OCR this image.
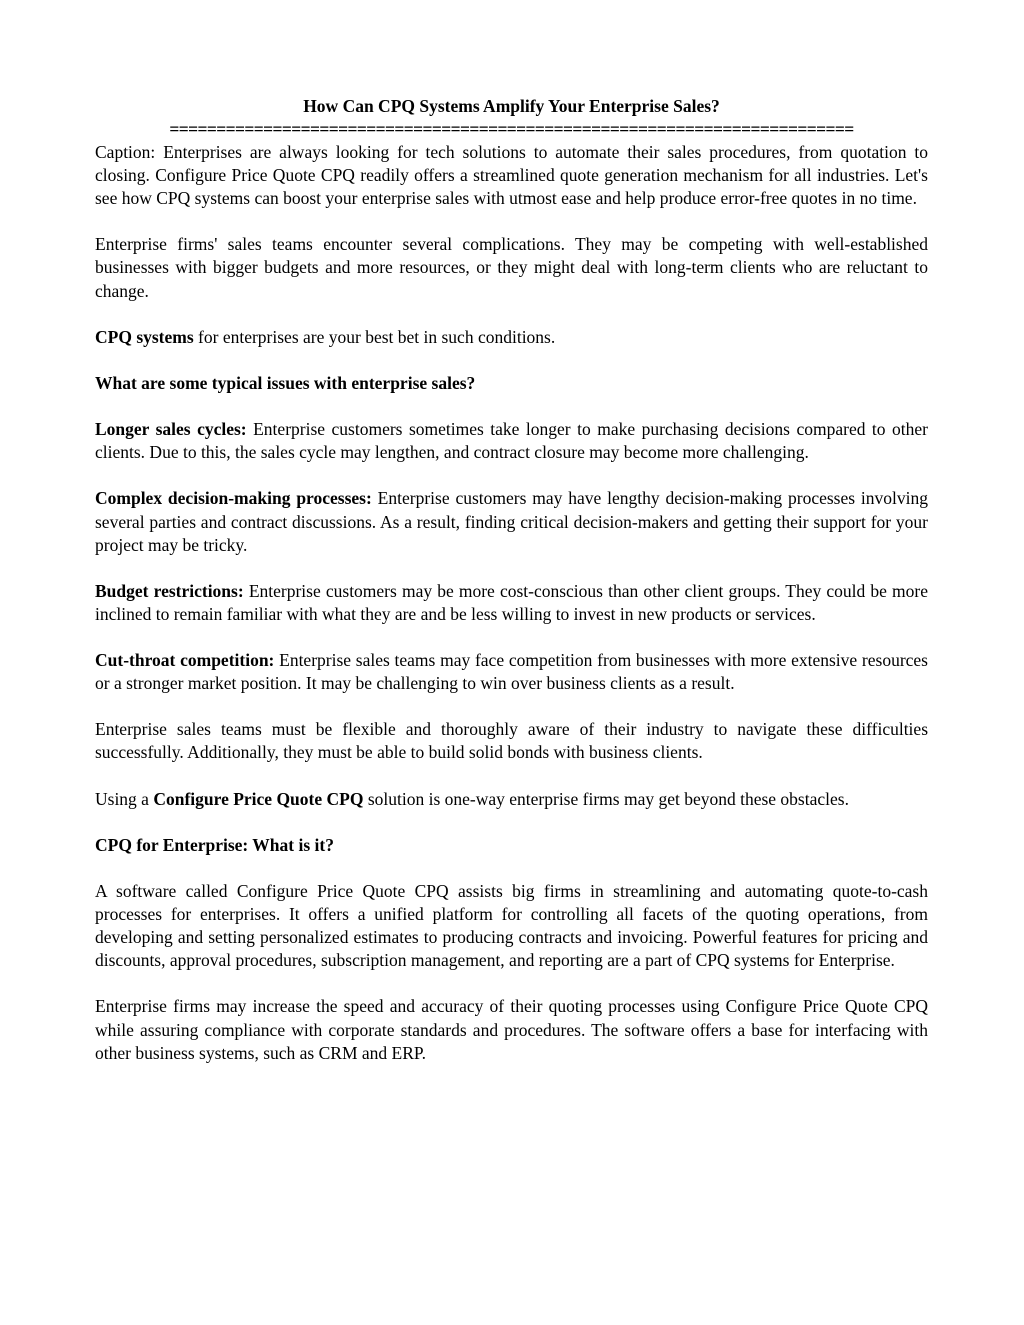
How Can CPQ Systems Amplify Your Enterprise Sales?
=========================================================================

Caption: Enterprises are always looking for tech solutions to automate their sales procedures, from quotation to closing. Configure Price Quote CPQ readily offers a streamlined quote generation mechanism for all industries. Let's see how CPQ systems can boost your enterprise sales with utmost ease and help produce error-free quotes in no time.

Enterprise firms' sales teams encounter several complications. They may be competing with well-established businesses with bigger budgets and more resources, or they might deal with long-term clients who are reluctant to change.

CPQ systems for enterprises are your best bet in such conditions.

What are some typical issues with enterprise sales?

Longer sales cycles: Enterprise customers sometimes take longer to make purchasing decisions compared to other clients. Due to this, the sales cycle may lengthen, and contract closure may become more challenging.

Complex decision-making processes: Enterprise customers may have lengthy decision-making processes involving several parties and contract discussions. As a result, finding critical decision-makers and getting their support for your project may be tricky.

Budget restrictions: Enterprise customers may be more cost-conscious than other client groups. They could be more inclined to remain familiar with what they are and be less willing to invest in new products or services.

Cut-throat competition: Enterprise sales teams may face competition from businesses with more extensive resources or a stronger market position. It may be challenging to win over business clients as a result.

Enterprise sales teams must be flexible and thoroughly aware of their industry to navigate these difficulties successfully. Additionally, they must be able to build solid bonds with business clients.

Using a Configure Price Quote CPQ solution is one-way enterprise firms may get beyond these obstacles.

CPQ for Enterprise: What is it?

A software called Configure Price Quote CPQ assists big firms in streamlining and automating quote-to-cash processes for enterprises. It offers a unified platform for controlling all facets of the quoting operations, from developing and setting personalized estimates to producing contracts and invoicing. Powerful features for pricing and discounts, approval procedures, subscription management, and reporting are a part of CPQ systems for Enterprise.

Enterprise firms may increase the speed and accuracy of their quoting processes using Configure Price Quote CPQ while assuring compliance with corporate standards and procedures. The software offers a base for interfacing with other business systems, such as CRM and ERP.
